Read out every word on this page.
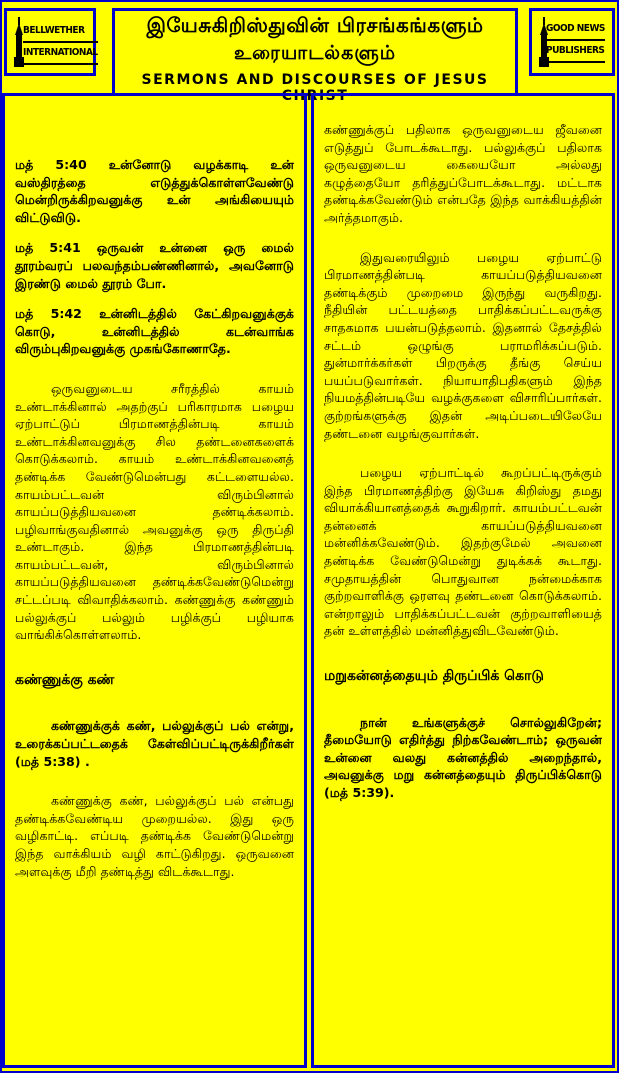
BELLWETHER
INTERNATIONAL
இயேசுகிறிஸ்துவின் பிரசங்கங்களும்
உரையாடல்களும்
SERMONS AND DISCOURSES OF JESUS CHRIST
GOOD NEWS
PUBLISHERS

மத் 5:40 உன்னோடு வழக்காடி உன் வஸ்திரத்தை எடுத்துக்கொள்ளவேண்டு மென்றிருக்கிறவனுக்கு உன் அங்கியையும் விட்டுவிடு.

மத் 5:41 ஒருவன் உன்னை ஒரு மைல் தூரம்வரப் பலவந்தம்பண்ணினால், அவனோடு இரண்டு மைல் தூரம் போ.

மத் 5:42 உன்னிடத்தில் கேட்கிறவனுக்குக் கொடு, உன்னிடத்தில் கடன்வாங்க விரும்புகிறவனுக்கு முகங்கோணாதே.

ஒருவனுடைய சரீரத்தில் காயம் உண்டாக்கினால் அதற்குப் பரிகாரமாக பழைய ஏற்பாட்டுப் பிரமாணத்தின்படி காயம் உண்டாக்கினவனுக்கு சில தண்டனைகளைக் கொடுக்கலாம். காயம் உண்டாக்கினவனைத் தண்டிக்க வேண்டுமென்பது கட்டளையல்ல. காயம்பட்டவன் விரும்பினால் காயப்படுத்தியவனை தண்டிக்கலாம். பழிவாங்குவதினால் அவனுக்கு ஒரு திருப்தி உண்டாகும். இந்த பிரமாணத்தின்படி காயம்பட்டவன், விரும்பினால் காயப்படுத்தியவனை தண்டிக்கவேண்டுமென்று சட்டப்படி விவாதிக்கலாம். கண்ணுக்கு கண்ணும் பல்லுக்குப் பல்லும் பழிக்குப் பழியாக வாங்கிக்கொள்ளலாம்.

கண்ணுக்கு கண்

கண்ணுக்குக் கண், பல்லுக்குப் பல் என்று, உரைக்கப்பட்டதைக் கேள்விப்பட்டிருக்கிறீர்கள் (மத் 5:38) .

கண்ணுக்கு கண், பல்லுக்குப் பல் என்பது தண்டிக்கவேண்டிய முறையல்ல. இது ஒரு வழிகாட்டி. எப்படி தண்டிக்க வேண்டுமென்று இந்த வாக்கியம் வழி காட்டுகிறது. ஒருவனை அளவுக்கு மீறி தண்டித்து விடக்கூடாது.

கண்ணுக்குப் பதிலாக ஒருவனுடைய ஜீவனை எடுத்துப் போடக்கூடாது. பல்லுக்குப் பதிலாக ஒருவனுடைய கையையோ அல்லது கழுத்தையோ தரித்துப்போடக்கூடாது. மட்டாக தண்டிக்கவேண்டும் என்பதே இந்த வாக்கியத்தின் அர்த்தமாகும்.

இதுவரையிலும் பழைய ஏற்பாட்டு பிரமாணத்தின்படி காயப்படுத்தியவனை தண்டிக்கும் முறைமை இருந்து வருகிறது. நீதியின் பட்டயத்தை பாதிக்கப்பட்டவருக்கு சாதகமாக பயன்படுத்தலாம். இதனால் தேசத்தில் சட்டம் ஒழுங்கு பராமரிக்கப்படும். துன்மார்க்கர்கள் பிறருக்கு தீங்கு செய்ய பயப்படுவார்கள். நியாயாதிபதிகளும் இந்த நியமத்தின்படியே வழக்குகளை விசாரிப்பார்கள். குற்றங்களுக்கு இதன் அடிப்படையிலேயே தண்டனை வழங்குவார்கள்.

பழைய ஏற்பாட்டில் கூறப்பட்டிருக்கும் இந்த பிரமாணத்திற்கு இயேசு கிறிஸ்து தமது வியாக்கியானத்தைக் கூறுகிறார். காயம்பட்டவன் தன்னைக் காயப்படுத்தியவனை மன்னிக்கவேண்டும். இதற்குமேல் அவனை தண்டிக்க வேண்டுமென்று துடிக்கக் கூடாது. சமுதாயத்தின் பொதுவான நன்மைக்காக குற்றவாளிக்கு ஒரளவு தண்டனை கொடுக்கலாம். என்றாலும் பாதிக்கப்பட்டவன் குற்றவாளியைத் தன் உள்ளத்தில் மன்னித்துவிடவேண்டும்.

மறுகன்னத்தையும் திருப்பிக் கொடு

நான் உங்களுக்குச் சொல்லுகிறேன்; தீமையோடு எதிர்த்து நிற்கவேண்டாம்; ஒருவன் உன்னை வலது கன்னத்தில் அறைந்தால், அவனுக்கு மறு கன்னத்தையும் திருப்பிக்கொடு (மத் 5:39).
